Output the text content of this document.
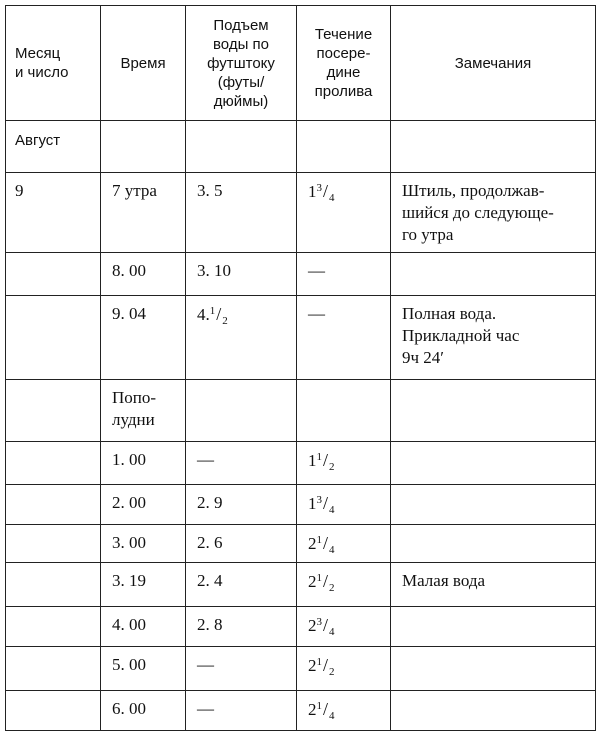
Месяц
и число	Время	Подъем
воды по
футштоку
(футы/
дюймы)	Течение
посере-
дине
пролива	Замечания
Август				
9	7 утра	3. 5	$1^3/_4$	Штиль, продолжав-
шийся до следующе-
го утра
	8. 00	3. 10	—	
	9. 04	$4.^1/_2$	—	Полная вода.
Прикладной час
9ч 24′
	Попо-
лудни			
	1. 00	—	$1^1/_2$	
	2. 00	2. 9	$1^3/_4$	
	3. 00	2. 6	$2^1/_4$	
	3. 19	2. 4	$2^1/_2$	Малая вода
	4. 00	2. 8	$2^3/_4$	
	5. 00	—	$2^1/_2$	
	6. 00	—	$2^1/_4$	
